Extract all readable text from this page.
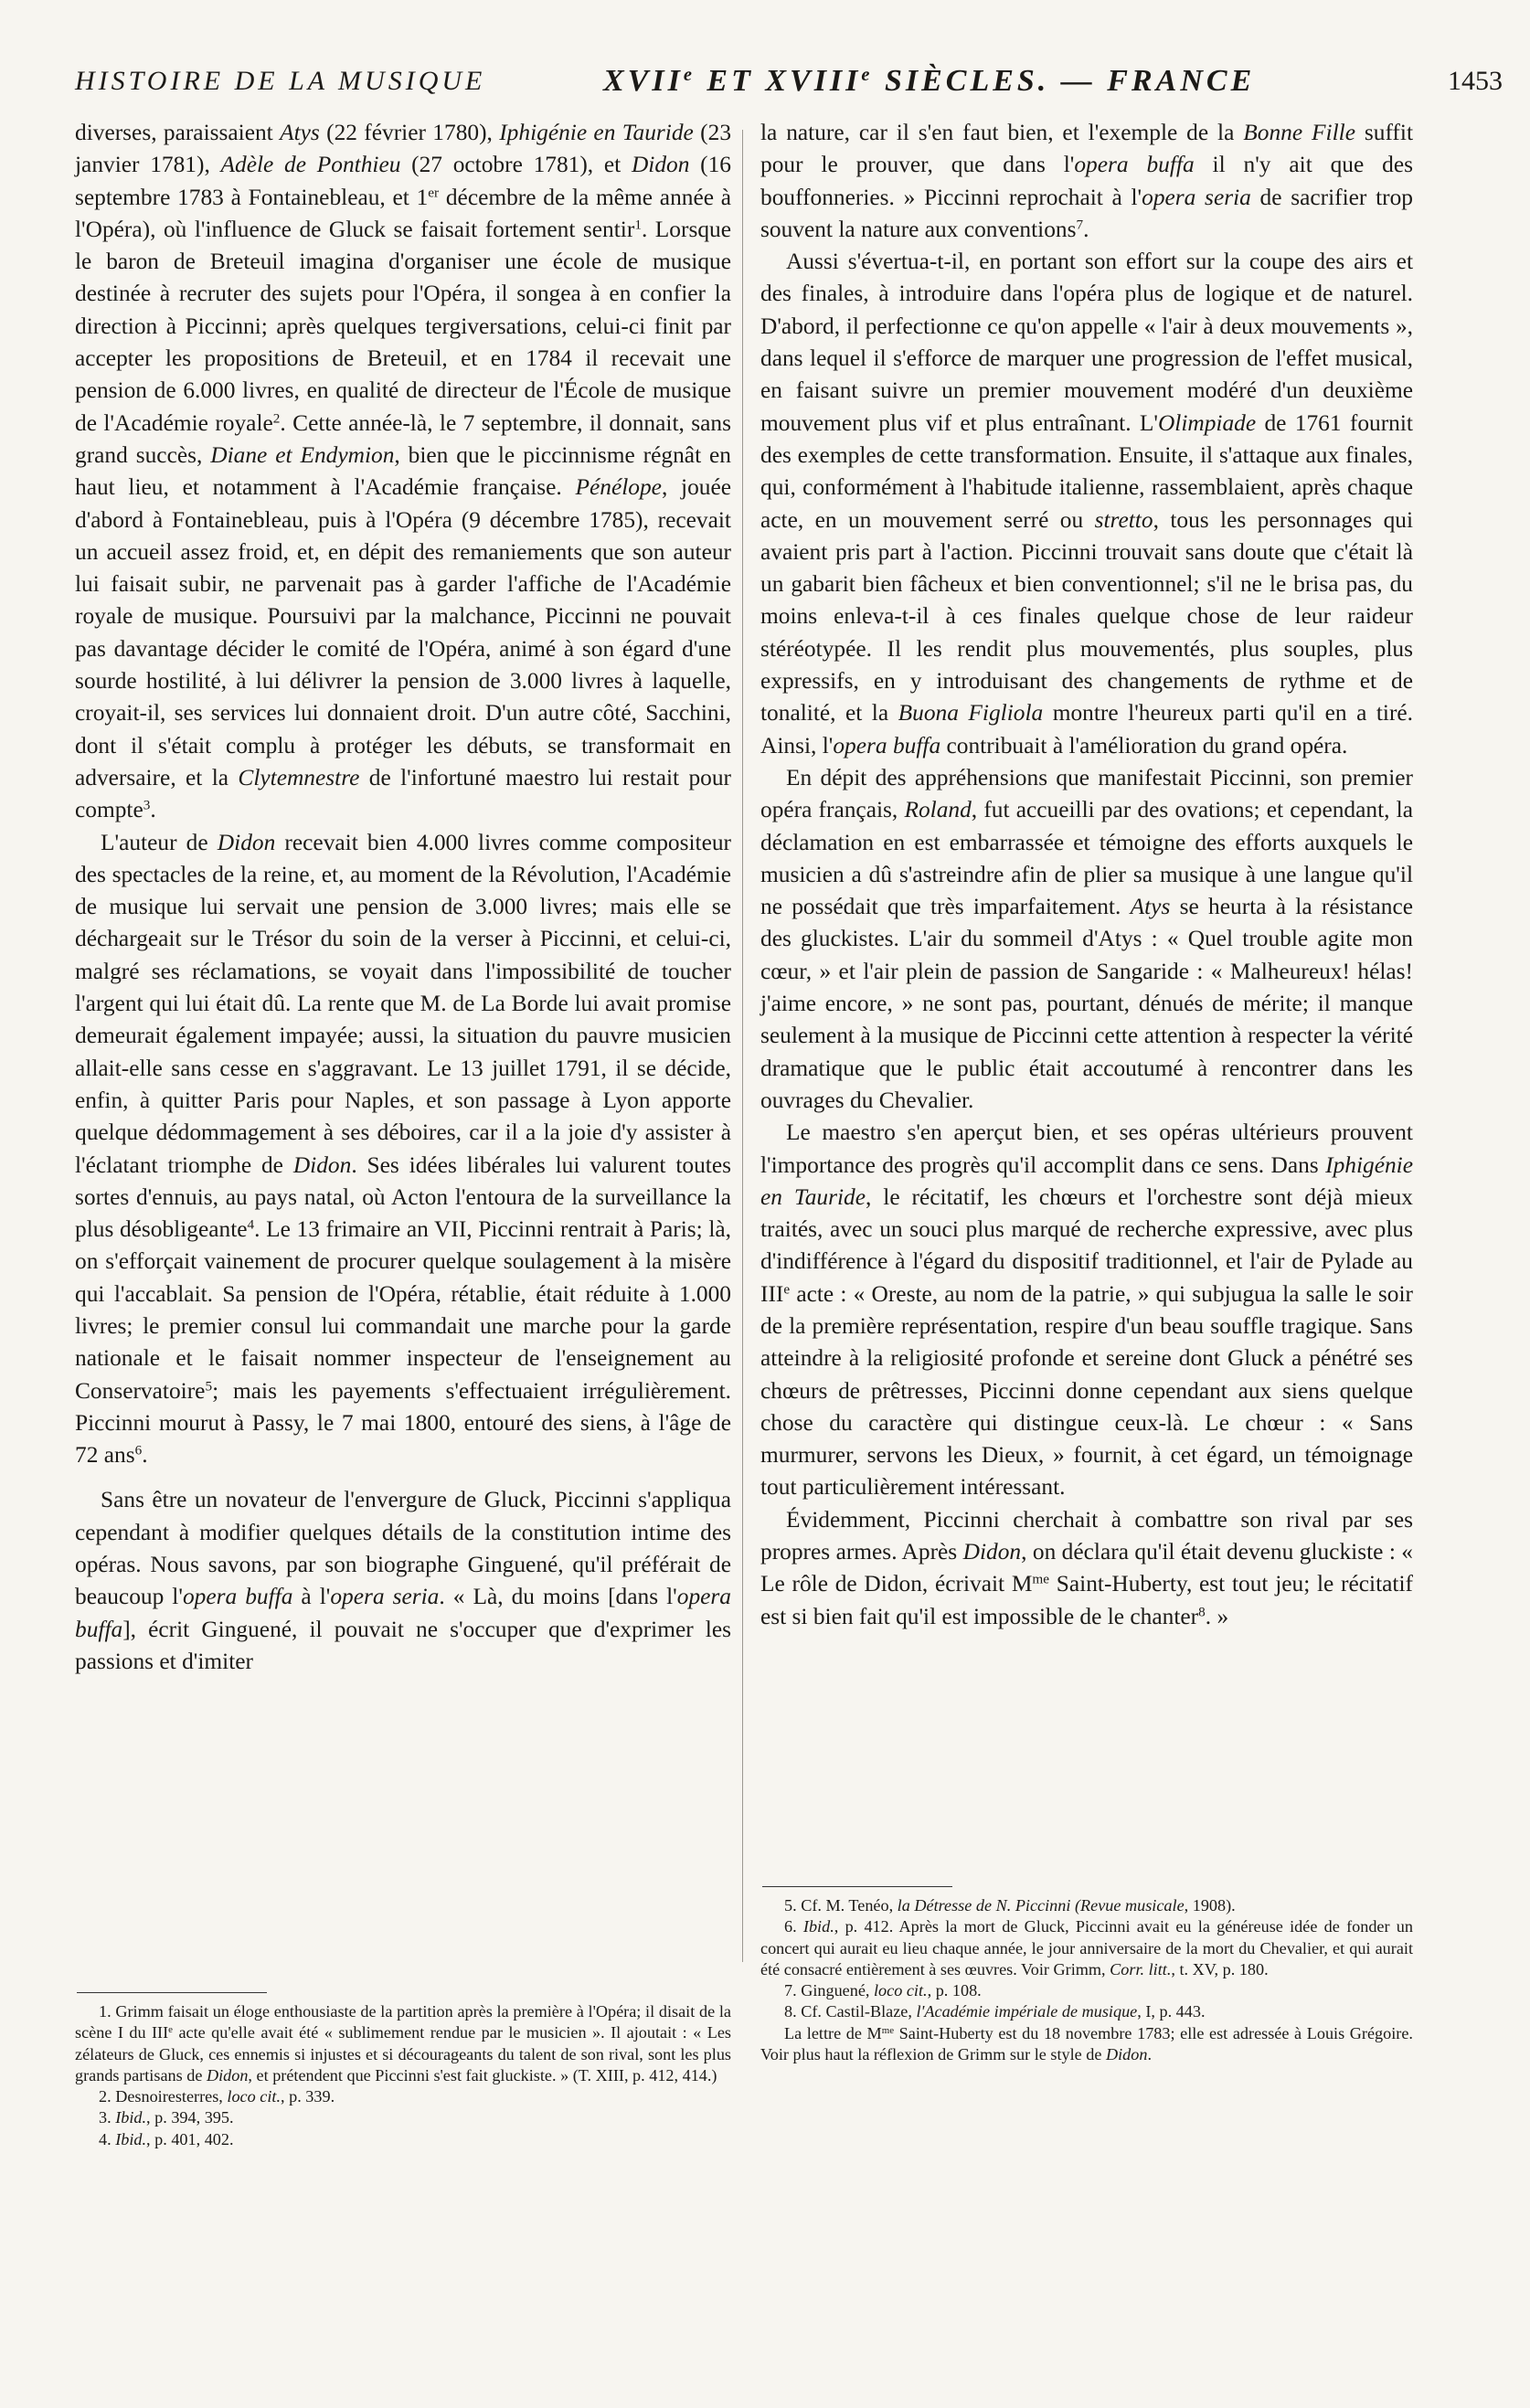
HISTOIRE DE LA MUSIQUE	XVIIe ET XVIIIe SIÈCLES. — FRANCE	1453

diverses, paraissaient Atys (22 février 1780), Iphigénie en Tauride (23 janvier 1781), Adèle de Ponthieu (27 octobre 1781), et Didon (16 septembre 1783 à Fontainebleau, et 1er décembre de la même année à l'Opéra), où l'influence de Gluck se faisait fortement sentir$^1$. Lorsque le baron de Breteuil imagina d'organiser une école de musique destinée à recruter des sujets pour l'Opéra, il songea à en confier la direction à Piccinni; après quelques tergiversations, celui-ci finit par accepter les propositions de Breteuil, et en 1784 il recevait une pension de 6.000 livres, en qualité de directeur de l'École de musique de l'Académie royale$^2$. Cette année-là, le 7 septembre, il donnait, sans grand succès, Diane et Endymion, bien que le piccinnisme régnât en haut lieu, et notamment à l'Académie française. Pénélope, jouée d'abord à Fontainebleau, puis à l'Opéra (9 décembre 1785), recevait un accueil assez froid, et, en dépit des remaniements que son auteur lui faisait subir, ne parvenait pas à garder l'affiche de l'Académie royale de musique. Poursuivi par la malchance, Piccinni ne pouvait pas davantage décider le comité de l'Opéra, animé à son égard d'une sourde hostilité, à lui délivrer la pension de 3.000 livres à laquelle, croyait-il, ses services lui donnaient droit. D'un autre côté, Sacchini, dont il s'était complu à protéger les débuts, se transformait en adversaire, et la Clytemnestre de l'infortuné maestro lui restait pour compte$^3$.

L'auteur de Didon recevait bien 4.000 livres comme compositeur des spectacles de la reine, et, au moment de la Révolution, l'Académie de musique lui servait une pension de 3.000 livres; mais elle se déchargeait sur le Trésor du soin de la verser à Piccinni, et celui-ci, malgré ses réclamations, se voyait dans l'impossibilité de toucher l'argent qui lui était dû. La rente que M. de La Borde lui avait promise demeurait également impayée; aussi, la situation du pauvre musicien allait-elle sans cesse en s'aggravant. Le 13 juillet 1791, il se décide, enfin, à quitter Paris pour Naples, et son passage à Lyon apporte quelque dédommagement à ses déboires, car il a la joie d'y assister à l'éclatant triomphe de Didon. Ses idées libérales lui valurent toutes sortes d'ennuis, au pays natal, où Acton l'entoura de la surveillance la plus désobligeante$^4$. Le 13 frimaire an VII, Piccinni rentrait à Paris; là, on s'efforçait vainement de procurer quelque soulagement à la misère qui l'accablait. Sa pension de l'Opéra, rétablie, était réduite à 1.000 livres; le premier consul lui commandait une marche pour la garde nationale et le faisait nommer inspecteur de l'enseignement au Conservatoire$^5$; mais les payements s'effectuaient irrégulièrement. Piccinni mourut à Passy, le 7 mai 1800, entouré des siens, à l'âge de 72 ans$^6$.

Sans être un novateur de l'envergure de Gluck, Piccinni s'appliqua cependant à modifier quelques détails de la constitution intime des opéras. Nous savons, par son biographe Ginguené, qu'il préférait de beaucoup l'opera buffa à l'opera seria. « Là, du moins [dans l'opera buffa], écrit Ginguené, il pouvait ne s'occuper que d'exprimer les passions et d'imiter

la nature, car il s'en faut bien, et l'exemple de la Bonne Fille suffit pour le prouver, que dans l'opera buffa il n'y ait que des bouffonneries. » Piccinni reprochait à l'opera seria de sacrifier trop souvent la nature aux conventions$^7$.

Aussi s'évertua-t-il, en portant son effort sur la coupe des airs et des finales, à introduire dans l'opéra plus de logique et de naturel. D'abord, il perfectionne ce qu'on appelle « l'air à deux mouvements », dans lequel il s'efforce de marquer une progression de l'effet musical, en faisant suivre un premier mouvement modéré d'un deuxième mouvement plus vif et plus entraînant. L'Olimpiade de 1761 fournit des exemples de cette transformation. Ensuite, il s'attaque aux finales, qui, conformément à l'habitude italienne, rassemblaient, après chaque acte, en un mouvement serré ou stretto, tous les personnages qui avaient pris part à l'action. Piccinni trouvait sans doute que c'était là un gabarit bien fâcheux et bien conventionnel; s'il ne le brisa pas, du moins enleva-t-il à ces finales quelque chose de leur raideur stéréotypée. Il les rendit plus mouvementés, plus souples, plus expressifs, en y introduisant des changements de rythme et de tonalité, et la Buona Figliola montre l'heureux parti qu'il en a tiré. Ainsi, l'opera buffa contribuait à l'amélioration du grand opéra.

En dépit des appréhensions que manifestait Piccinni, son premier opéra français, Roland, fut accueilli par des ovations; et cependant, la déclamation en est embarrassée et témoigne des efforts auxquels le musicien a dû s'astreindre afin de plier sa musique à une langue qu'il ne possédait que très imparfaitement. Atys se heurta à la résistance des gluckistes. L'air du sommeil d'Atys : « Quel trouble agite mon cœur, » et l'air plein de passion de Sangaride : « Malheureux! hélas! j'aime encore, » ne sont pas, pourtant, dénués de mérite; il manque seulement à la musique de Piccinni cette attention à respecter la vérité dramatique que le public était accoutumé à rencontrer dans les ouvrages du Chevalier.

Le maestro s'en aperçut bien, et ses opéras ultérieurs prouvent l'importance des progrès qu'il accomplit dans ce sens. Dans Iphigénie en Tauride, le récitatif, les chœurs et l'orchestre sont déjà mieux traités, avec un souci plus marqué de recherche expressive, avec plus d'indifférence à l'égard du dispositif traditionnel, et l'air de Pylade au IIIe acte : « Oreste, au nom de la patrie, » qui subjugua la salle le soir de la première représentation, respire d'un beau souffle tragique. Sans atteindre à la religiosité profonde et sereine dont Gluck a pénétré ses chœurs de prêtresses, Piccinni donne cependant aux siens quelque chose du caractère qui distingue ceux-là. Le chœur : « Sans murmurer, servons les Dieux, » fournit, à cet égard, un témoignage tout particulièrement intéressant.

Évidemment, Piccinni cherchait à combattre son rival par ses propres armes. Après Didon, on déclara qu'il était devenu gluckiste : « Le rôle de Didon, écrivait $M^{me}$ Saint-Huberty, est tout jeu; le récitatif est si bien fait qu'il est impossible de le chanter$^8$. »

1. Grimm faisait un éloge enthousiaste de la partition après la première à l'Opéra; il disait de la scène I du IIIe acte qu'elle avait été « sublimement rendue par le musicien ». Il ajoutait : « Les zélateurs de Gluck, ces ennemis si injustes et si décourageants du talent de son rival, sont les plus grands partisans de Didon, et prétendent que Piccinni s'est fait gluckiste. » (T. XIII, p. 412, 414.)

2. Desnoiresterres, loco cit., p. 339.

3. Ibid., p. 394, 395.

4. Ibid., p. 401, 402.

5. Cf. M. Tenéo, la Détresse de N. Piccinni (Revue musicale, 1908).

6. Ibid., p. 412. Après la mort de Gluck, Piccinni avait eu la généreuse idée de fonder un concert qui aurait eu lieu chaque année, le jour anniversaire de la mort du Chevalier, et qui aurait été consacré entièrement à ses œuvres. Voir Grimm, Corr. litt., t. XV, p. 180.

7. Ginguené, loco cit., p. 108.

8. Cf. Castil-Blaze, l'Académie impériale de musique, I, p. 443.

La lettre de $M^{me}$ Saint-Huberty est du 18 novembre 1783; elle est adressée à Louis Grégoire. Voir plus haut la réflexion de Grimm sur le style de Didon.
